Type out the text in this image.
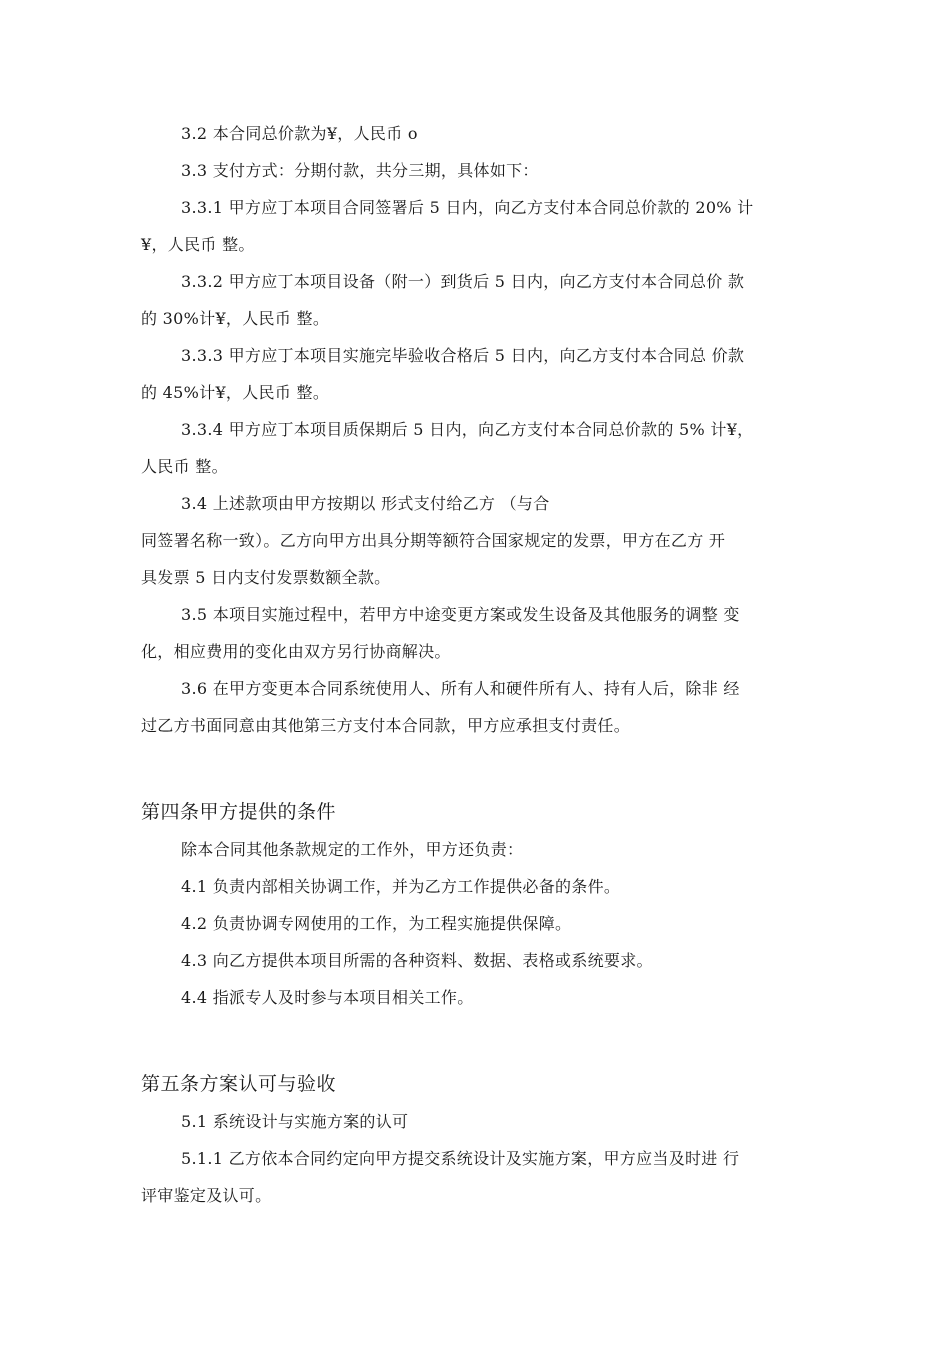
3.2 本合同总价款为¥，人民币 o
3.3 支付方式：分期付款，共分三期，具体如下：
3.3.1 甲方应丁本项目合同签署后 5 日内，向乙方支付本合同总价款的 20% 计
¥，人民币 整。
3.3.2 甲方应丁本项目设备（附一）到货后 5 日内，向乙方支付本合同总价 款
的 30%计¥，人民币 整。
3.3.3 甲方应丁本项目实施完毕验收合格后 5 日内，向乙方支付本合同总 价款
的 45%计¥，人民币 整。
3.3.4 甲方应丁本项目质保期后 5 日内，向乙方支付本合同总价款的 5% 计¥，
人民币 整。
3.4 上述款项由甲方按期以 形式支付给乙方 （与合
同签署名称一致）。乙方向甲方出具分期等额符合国家规定的发票，甲方在乙方 开
具发票 5 日内支付发票数额全款。
3.5 本项目实施过程中，若甲方中途变更方案或发生设备及其他服务的调整 变
化，相应费用的变化由双方另行协商解决。
3.6 在甲方变更本合同系统使用人、所有人和硬件所有人、持有人后，除非 经
过乙方书面同意由其他第三方支付本合同款，甲方应承担支付责任。
第四条甲方提供的条件
除本合同其他条款规定的工作外，甲方还负责：
4.1 负责内部相关协调工作，并为乙方工作提供必备的条件。
4.2 负责协调专网使用的工作，为工程实施提供保障。
4.3 向乙方提供本项目所需的各种资料、数据、表格或系统要求。
4.4 指派专人及时参与本项目相关工作。
第五条方案认可与验收
5.1 系统设计与实施方案的认可
5.1.1 乙方依本合同约定向甲方提交系统设计及实施方案，甲方应当及时进 行
评审鉴定及认可。
